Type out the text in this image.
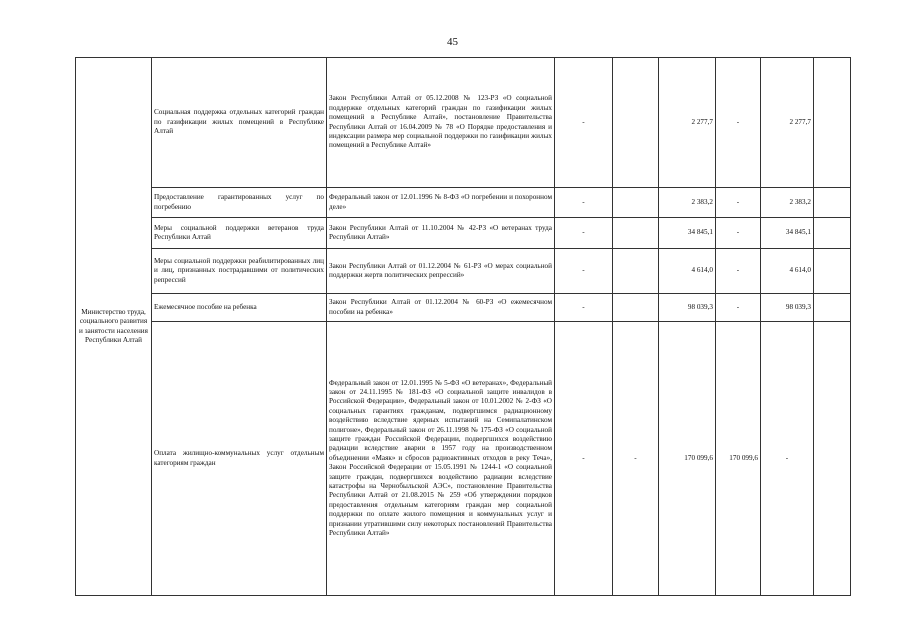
45
Министерство труда, социального развития и занятости населения Республики Алтай	Социальная поддержка отдельных категорий граждан по газификации жилых помещений в Республике Алтай	Закон Республики Алтай от 05.12.2008 № 123-РЗ «О социальной поддержке отдельных категорий граждан по газификации жилых помещений в Республике Алтай», постановление Правительства Республики Алтай от 16.04.2009 № 78 «О Порядке предоставления и индексации размера мер социальной поддержки по газификации жилых помещений в Республике Алтай»	-		2 277,7	-	2 277,7	
	Предоставление гарантированных услуг по погребению	Федеральный закон от 12.01.1996 № 8-ФЗ «О погребении и похоронном деле»	-		2 383,2	-	2 383,2	
	Меры социальной поддержки ветеранов труда Республики Алтай	Закон Республики Алтай от 11.10.2004 № 42-РЗ «О ветеранах труда Республики Алтай»	-		34 845,1	-	34 845,1	
	Меры социальной поддержки реабилитированных лиц и лиц, признанных пострадавшими от политических репрессий	Закон Республики Алтай от 01.12.2004 № 61-РЗ «О мерах социальной поддержки жертв политических репрессий»	-		4 614,0	-	4 614,0	
	Ежемесячное пособие на ребенка	Закон Республики Алтай от 01.12.2004 № 60-РЗ «О ежемесячном пособии на ребенка»	-		98 039,3	-	98 039,3	
	Оплата жилищно-коммунальных услуг отдельным категориям граждан	Федеральный закон от 12.01.1995 № 5-ФЗ «О ветеранах», Федеральный закон от 24.11.1995 № 181-ФЗ «О социальной защите инвалидов в Российской Федерации», Федеральный закон от 10.01.2002 № 2-ФЗ «О социальных гарантиях гражданам, подвергшимся радиационному воздействию вследствие ядерных испытаний на Семипалатинском полигоне», Федеральный закон от 26.11.1998 № 175-ФЗ «О социальной защите граждан Российской Федерации, подвергшихся воздействию радиации вследствие аварии в 1957 году на производственном объединении «Маяк» и сбросов радиоактивных отходов в реку Теча», Закон Российской Федерации от 15.05.1991 № 1244-1 «О социальной защите граждан, подвергшихся воздействию радиации вследствие катастрофы на Чернобыльской АЭС», постановление Правительства Республики Алтай от 21.08.2015 № 259 «Об утверждении порядков предоставления отдельным категориям граждан мер социальной поддержки по оплате жилого помещения и коммунальных услуг и признании утратившими силу некоторых постановлений Правительства Республики Алтай»	-	-	170 099,6	170 099,6	-	
